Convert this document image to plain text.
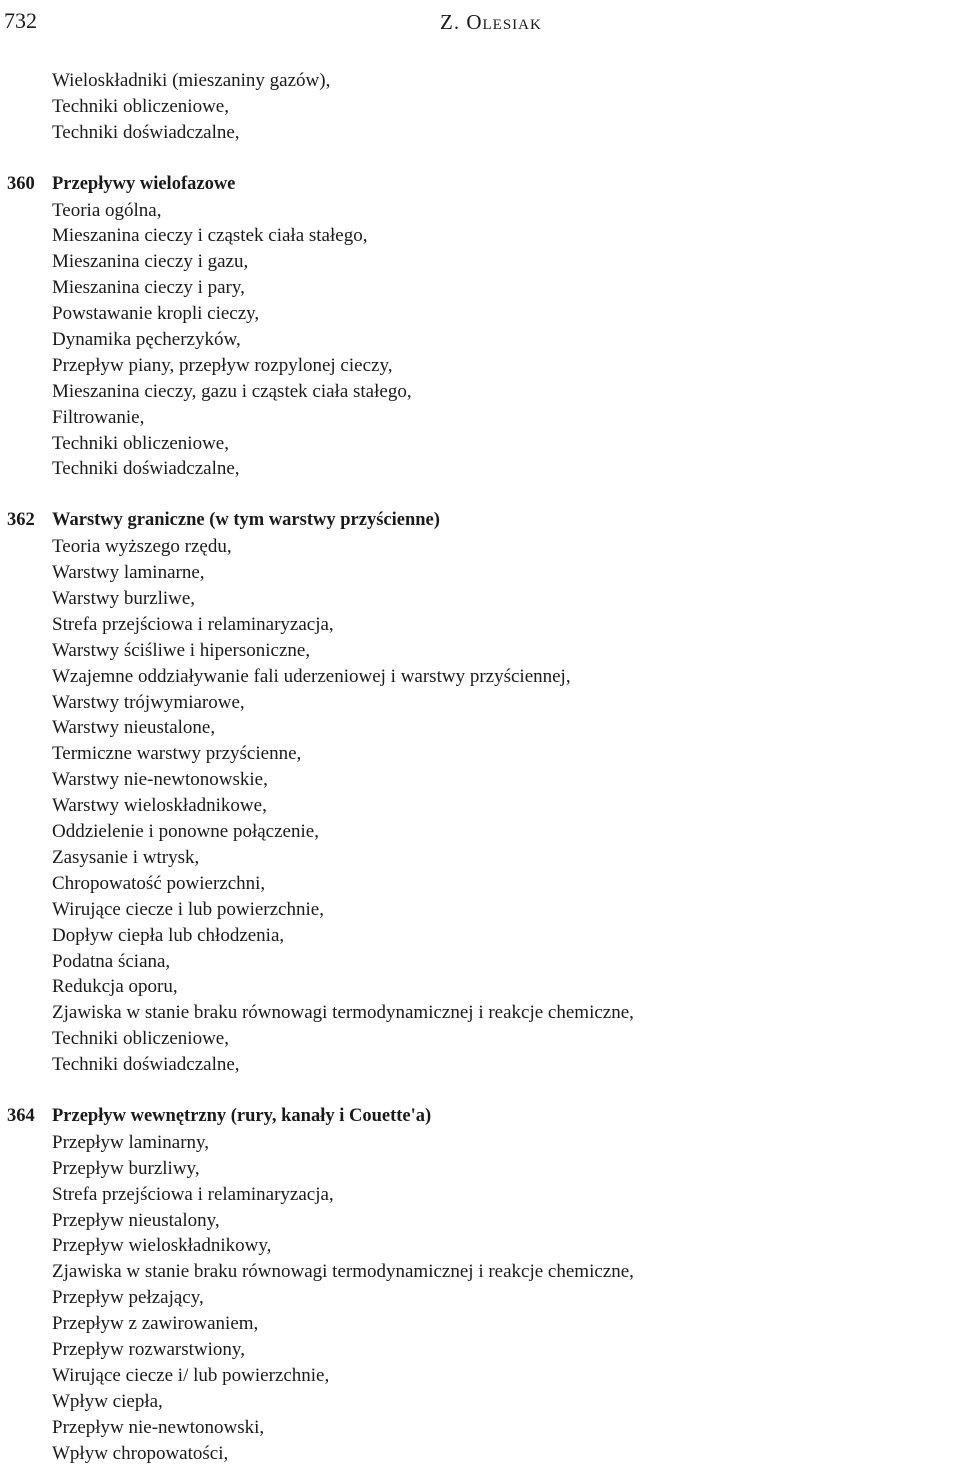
732	Z. Olesiak
Wieloskładniki (mieszaniny gazów),
Techniki obliczeniowe,
Techniki doświadczalne,
360 Przepływy wielofazowe
Teoria ogólna,
Mieszanina cieczy i cząstek ciała stałego,
Mieszanina cieczy i gazu,
Mieszanina cieczy i pary,
Powstawanie kropli cieczy,
Dynamika pęcherzyków,
Przepływ piany, przepływ rozpylonej cieczy,
Mieszanina cieczy, gazu i cząstek ciała stałego,
Filtrowanie,
Techniki obliczeniowe,
Techniki doświadczalne,
362 Warstwy graniczne (w tym warstwy przyścienne)
Teoria wyższego rzędu,
Warstwy laminarne,
Warstwy burzliwe,
Strefa przejściowa i relaminaryzacja,
Warstwy ściśliwe i hipersoniczne,
Wzajemne oddziaływanie fali uderzeniowej i warstwy przyściennej,
Warstwy trójwymiarowe,
Warstwy nieustalone,
Termiczne warstwy przyścienne,
Warstwy nie-newtonowskie,
Warstwy wieloskładnikowe,
Oddzielenie i ponowne połączenie,
Zasysanie i wtrysk,
Chropowatość powierzchni,
Wirujące ciecze i lub powierzchnie,
Dopływ ciepła lub chłodzenia,
Podatna ściana,
Redukcja oporu,
Zjawiska w stanie braku równowagi termodynamicznej i reakcje chemiczne,
Techniki obliczeniowe,
Techniki doświadczalne,
364 Przepływ wewnętrzny (rury, kanały i Couette'a)
Przepływ laminarny,
Przepływ burzliwy,
Strefa przejściowa i relaminaryzacja,
Przepływ nieustalony,
Przepływ wieloskładnikowy,
Zjawiska w stanie braku równowagi termodynamicznej i reakcje chemiczne,
Przepływ pełzający,
Przepływ z zawirowaniem,
Przepływ rozwarstwiony,
Wirujące ciecze i/ lub powierzchnie,
Wpływ ciepła,
Przepływ nie-newtonowski,
Wpływ chropowatości,
